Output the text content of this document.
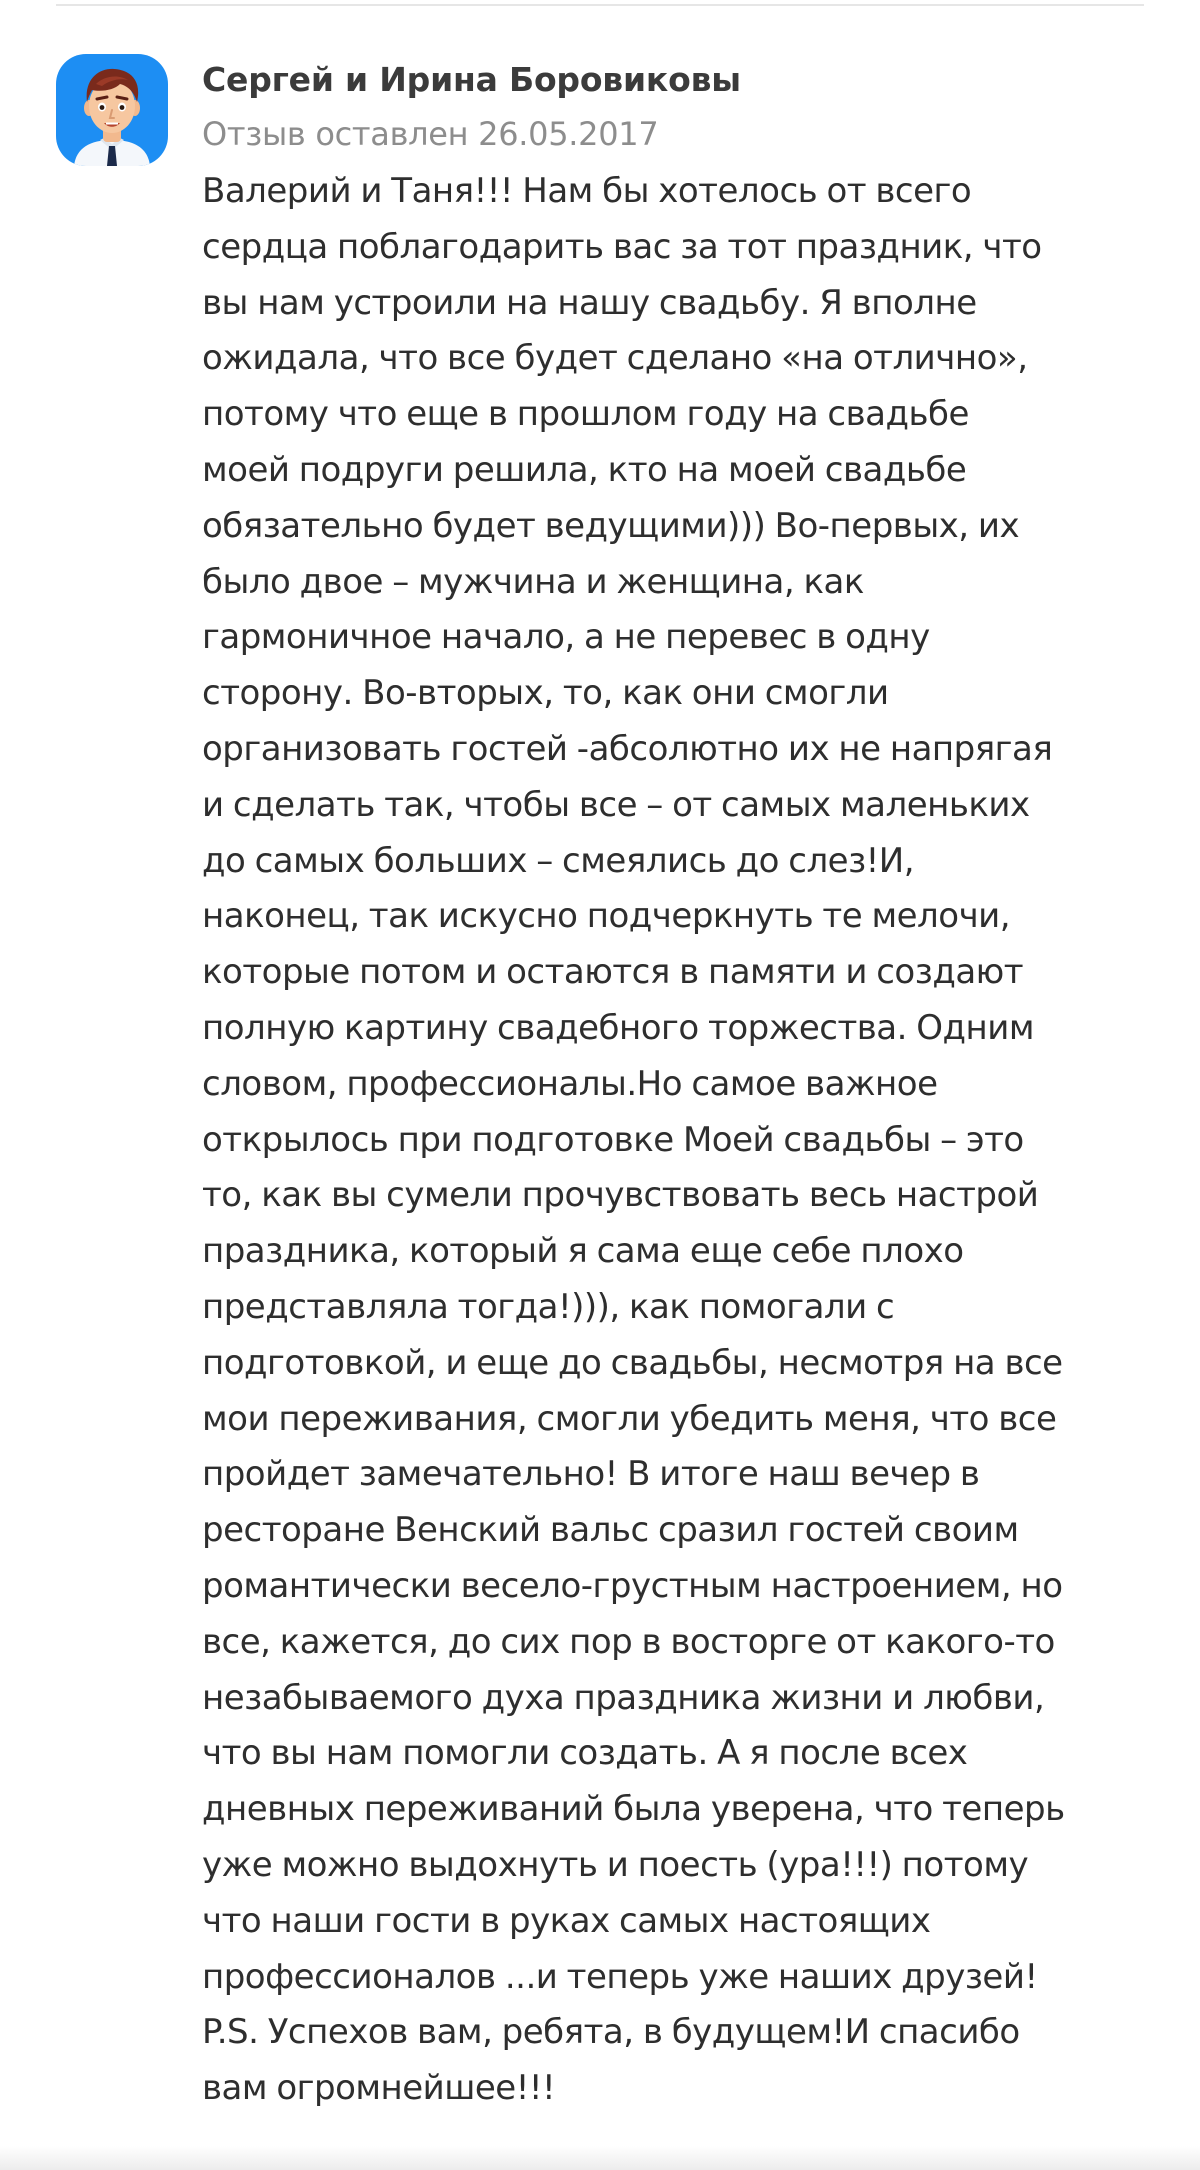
Сергей и Ирина Боровиковы

Отзыв оставлен 26.05.2017

Валерий и Таня!!! Нам бы хотелось от всего
сердца поблагодарить вас за тот праздник, что
вы нам устроили на нашу свадьбу. Я вполне
ожидала, что все будет сделано «на отлично»,
потому что еще в прошлом году на свадьбе
моей подруги решила, кто на моей свадьбе
обязательно будет ведущими))) Во-первых, их
было двое – мужчина и женщина, как
гармоничное начало, а не перевес в одну
сторону. Во-вторых, то, как они смогли
организовать гостей -абсолютно их не напрягая
и сделать так, чтобы все – от самых маленьких
до самых больших – смеялись до слез!И,
наконец, так искусно подчеркнуть те мелочи,
которые потом и остаются в памяти и создают
полную картину свадебного торжества. Одним
словом, профессионалы.Но самое важное
открылось при подготовке Моей свадьбы – это
то, как вы сумели прочувствовать весь настрой
праздника, который я сама еще себе плохо
представляла тогда!))), как помогали с
подготовкой, и еще до свадьбы, несмотря на все
мои переживания, смогли убедить меня, что все
пройдет замечательно! В итоге наш вечер в
ресторане Венский вальс сразил гостей своим
романтически весело-грустным настроением, но
все, кажется, до сих пор в восторге от какого-то
незабываемого духа праздника жизни и любви,
что вы нам помогли создать. А я после всех
дневных переживаний была уверена, что теперь
уже можно выдохнуть и поесть (ура!!!) потому
что наши гости в руках самых настоящих
профессионалов ...и теперь уже наших друзей!
P.S. Успехов вам, ребята, в будущем!И спасибо
вам огромнейшее!!!
